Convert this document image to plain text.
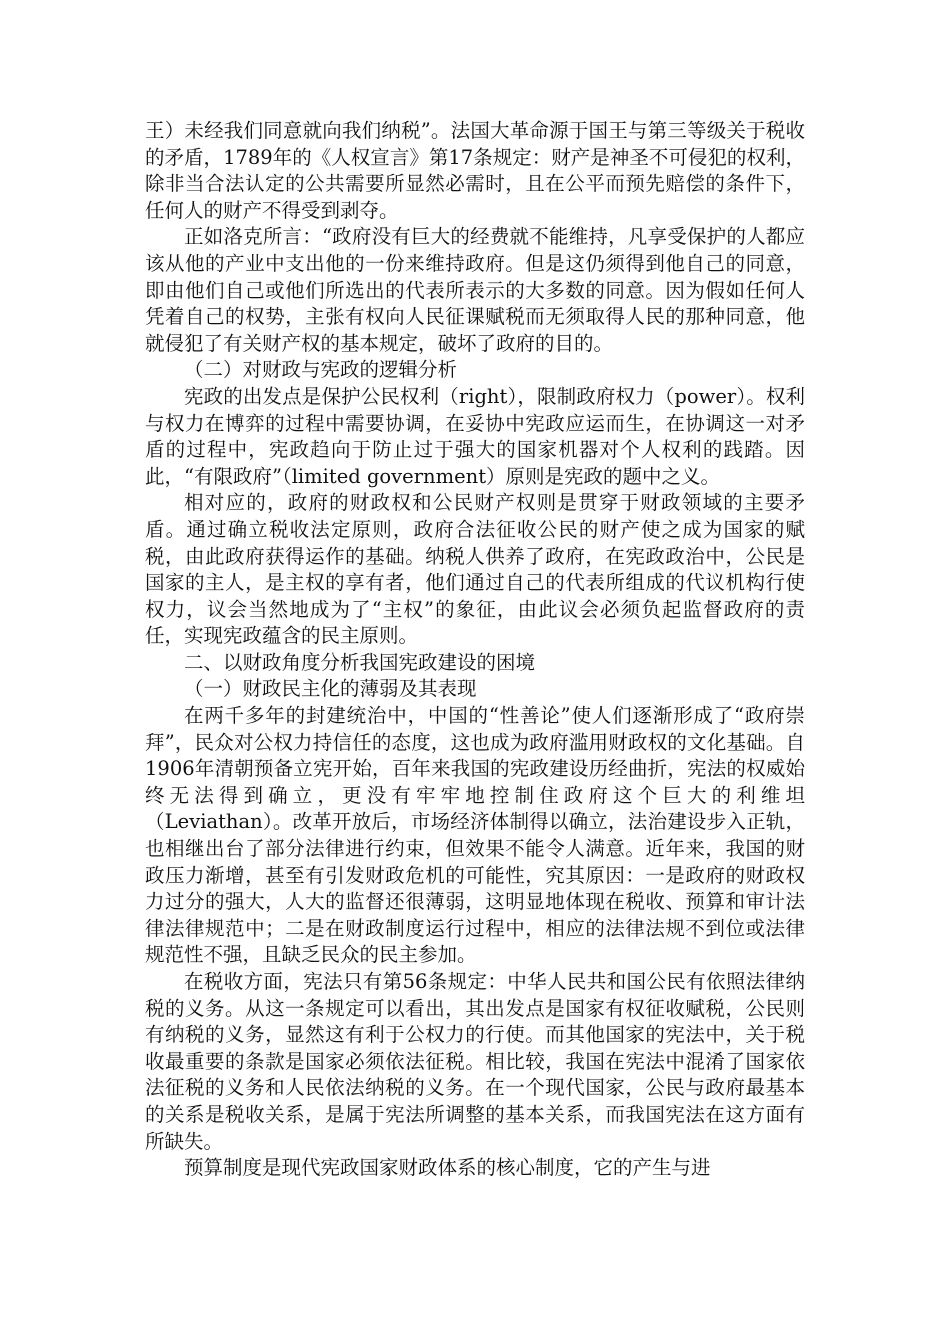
王）未经我们同意就向我们纳税”。法国大革命源于国王与第三等级关于税收的矛盾，1789年的《人权宣言》第17条规定：财产是神圣不可侵犯的权利，除非当合法认定的公共需要所显然必需时，且在公平而预先赔偿的条件下，任何人的财产不得受到剥夺。

正如洛克所言：“政府没有巨大的经费就不能维持，凡享受保护的人都应该从他的产业中支出他的一份来维持政府。但是这仍须得到他自己的同意，即由他们自己或他们所选出的代表所表示的大多数的同意。因为假如任何人凭着自己的权势，主张有权向人民征课赋税而无须取得人民的那种同意，他就侵犯了有关财产权的基本规定，破坏了政府的目的。

（二）对财政与宪政的逻辑分析

宪政的出发点是保护公民权利（right），限制政府权力（power）。权利与权力在博弈的过程中需要协调，在妥协中宪政应运而生，在协调这一对矛盾的过程中，宪政趋向于防止过于强大的国家机器对个人权利的践踏。因此，“有限政府”（limited government）原则是宪政的题中之义。

相对应的，政府的财政权和公民财产权则是贯穿于财政领域的主要矛盾。通过确立税收法定原则，政府合法征收公民的财产使之成为国家的赋税，由此政府获得运作的基础。纳税人供养了政府，在宪政政治中，公民是国家的主人，是主权的享有者，他们通过自己的代表所组成的代议机构行使权力，议会当然地成为了“主权”的象征，由此议会必须负起监督政府的责任，实现宪政蕴含的民主原则。

二、以财政角度分析我国宪政建设的困境

（一）财政民主化的薄弱及其表现

在两千多年的封建统治中，中国的“性善论”使人们逐渐形成了“政府崇拜”，民众对公权力持信任的态度，这也成为政府滥用财政权的文化基础。自1906年清朝预备立宪开始，百年来我国的宪政建设历经曲折，宪法的权威始终无法得到确立，更没有牢牢地控制住政府这个巨大的利维坦（Leviathan）。改革开放后，市场经济体制得以确立，法治建设步入正轨，也相继出台了部分法律进行约束，但效果不能令人满意。近年来，我国的财政压力渐增，甚至有引发财政危机的可能性，究其原因：一是政府的财政权力过分的强大，人大的监督还很薄弱，这明显地体现在税收、预算和审计法律法律规范中；二是在财政制度运行过程中，相应的法律法规不到位或法律规范性不强，且缺乏民众的民主参加。

在税收方面，宪法只有第56条规定：中华人民共和国公民有依照法律纳税的义务。从这一条规定可以看出，其出发点是国家有权征收赋税，公民则有纳税的义务，显然这有利于公权力的行使。而其他国家的宪法中，关于税收最重要的条款是国家必须依法征税。相比较，我国在宪法中混淆了国家依法征税的义务和人民依法纳税的义务。在一个现代国家，公民与政府最基本的关系是税收关系，是属于宪法所调整的基本关系，而我国宪法在这方面有所缺失。

预算制度是现代宪政国家财政体系的核心制度，它的产生与进
